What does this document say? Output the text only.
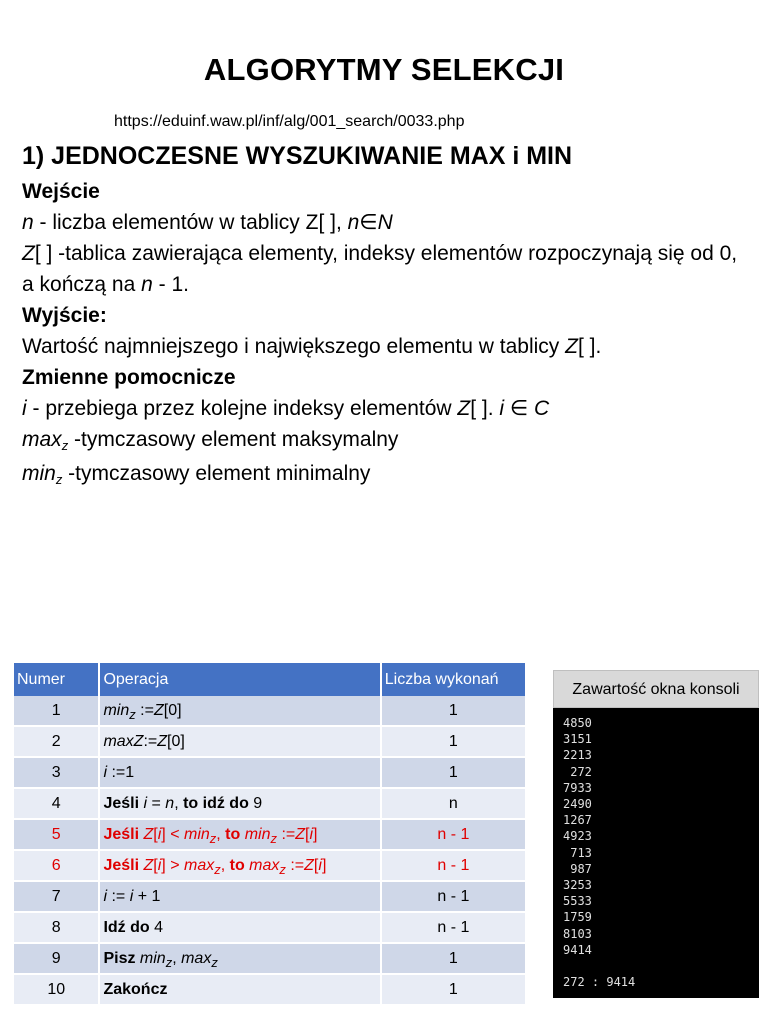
ALGORYTMY SELEKCJI
https://eduinf.waw.pl/inf/alg/001_search/0033.php
1) JEDNOCZESNE WYSZUKIWANIE MAX i MIN

Wejście

n - liczba elementów w tablicy Z[ ], n∈N

Z[ ] -tablica zawierająca elementy, indeksy elementów rozpoczynają się od 0, a kończą na n - 1.

Wyjście:

Wartość najmniejszego i największego elementu w tablicy Z[ ].

Zmienne pomocnicze

i - przebiega przez kolejne indeksy elementów Z[ ]. i ∈ C

$\max_z$ -tymczasowy element maksymalny

$\min_z$ -tymczasowy element minimalny

Numer	Operacja	Liczba wykonań
1	$\min_z$ :=Z[0]	1
2	maxZ:=Z[0]	1
3	i :=1	1
4	Jeśli i = n, to idź do 9	n
5	Jeśli $Z[i] < \min_z$, to $\min_z$ :=Z[i]	n - 1
6	Jeśli $Z[i] > \max_z$, to $\max_z$ :=Z[i]	n - 1
7	i := i + 1	n - 1
8	Idź do 4	n - 1
9	Pisz $\min_z$, $\max_z$	1
10	Zakończ	1
Zawartość okna konsoli
4850
3151
2213
272
7933
2490
1267
4923
713
987
3253
5533
1759
8103
9414
272 : 9414
